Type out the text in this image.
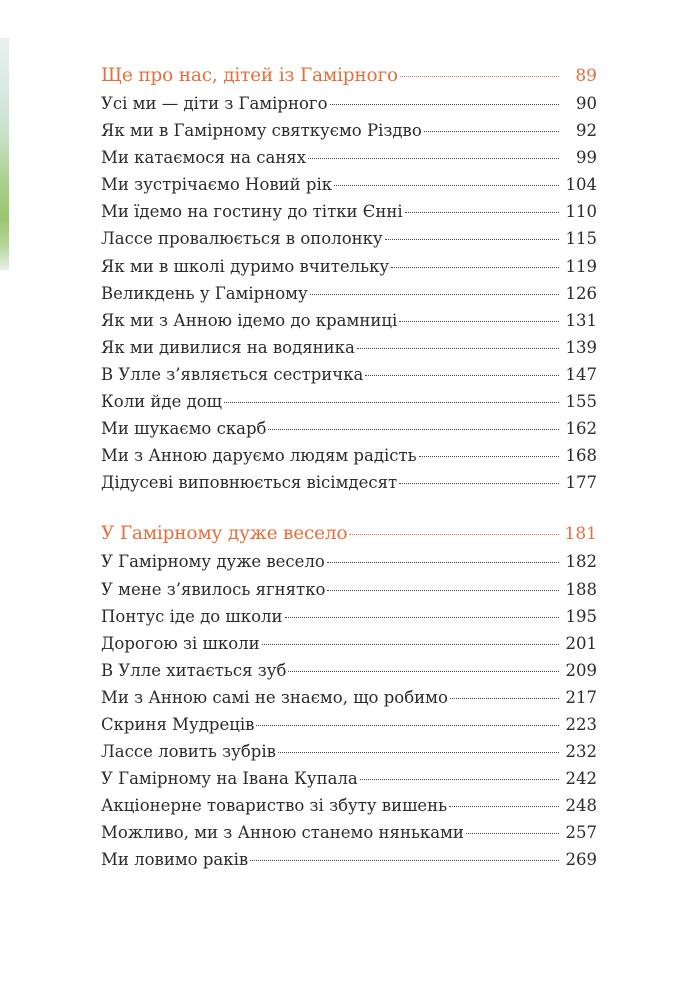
Ще про нас, дітей із Гамірного	89
Усі ми — діти з Гамірного	90
Як ми в Гамірному святкуємо Різдво	92
Ми катаємося на санях	99
Ми зустрічаємо Новий рік	104
Ми їдемо на гостину до тітки Єнні	110
Лассе провалюється в ополонку	115
Як ми в школі дуримо вчительку	119
Великдень у Гамірному	126
Як ми з Анною ідемо до крамниці	131
Як ми дивилися на водяника	139
В Улле з’являється сестричка	147
Коли йде дощ	155
Ми шукаємо скарб	162
Ми з Анною даруємо людям радість	168
Дідусеві виповнюється вісімдесят	177
У Гамірному дуже весело	181
У Гамірному дуже весело	182
У мене з’явилось ягнятко	188
Понтус іде до школи	195
Дорогою зі школи	201
В Улле хитається зуб	209
Ми з Анною самі не знаємо, що робимо	217
Скриня Мудреців	223
Лассе ловить зубрів	232
У Гамірному на Івана Купала	242
Акціонерне товариство зі збуту вишень	248
Можливо, ми з Анною станемо няньками	257
Ми ловимо раків	269
